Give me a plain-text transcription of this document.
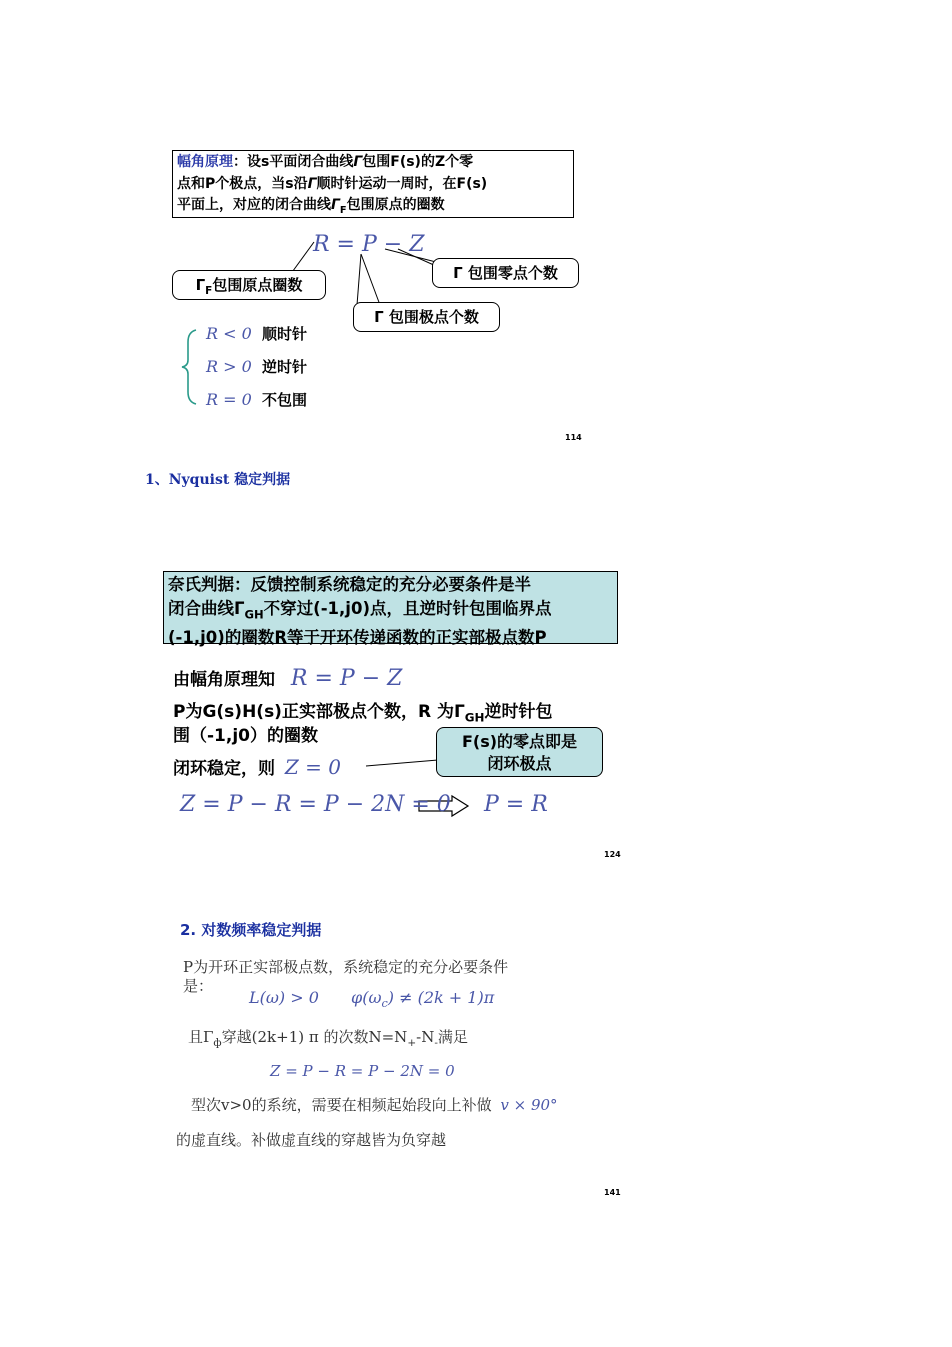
幅角原理：设s平面闭合曲线Γ包围F(s)的Z个零
点和P个极点，当s沿Γ顺时针运动一周时，在F(s)
平面上，对应的闭合曲线$\Gamma_F$包围原点的圈数
R = P − Z
$\Gamma_F$包围原点圈数
Γ 包围零点个数
Γ 包围极点个数
R < 0 顺时针
R > 0 逆时针
R = 0 不包围
114
1、Nyquist 稳定判据
奈氏判据：反馈控制系统稳定的充分必要条件是半
闭合曲线$\Gamma_{GH}$不穿过(-1,j0)点，且逆时针包围临界点
(-1,j0)的圈数R等于开环传递函数的正实部极点数P
由幅角原理知 R = P − Z
P为G(s)H(s)正实部极点个数，R 为$\Gamma_{GH}$逆时针包
围（-1,j0）的圈数
闭环稳定，则 Z = 0
F(s)的零点即是
闭环极点
Z = P − R = P − 2N = 0 P = R
124
2. 对数频率稳定判据
P为开环正实部极点数，系统稳定的充分必要条件
是：
L(ω) > 0 $\varphi(\omega_c) \ne (2k + 1)\pi$
且$\Gamma_ф$穿越(2k+1) π 的次数$N=N_+-N_-$满足
Z = P − R = P − 2N = 0
型次v>0的系统，需要在相频起始段向上补做 v × 90°
的虚直线。补做虚直线的穿越皆为负穿越
141
